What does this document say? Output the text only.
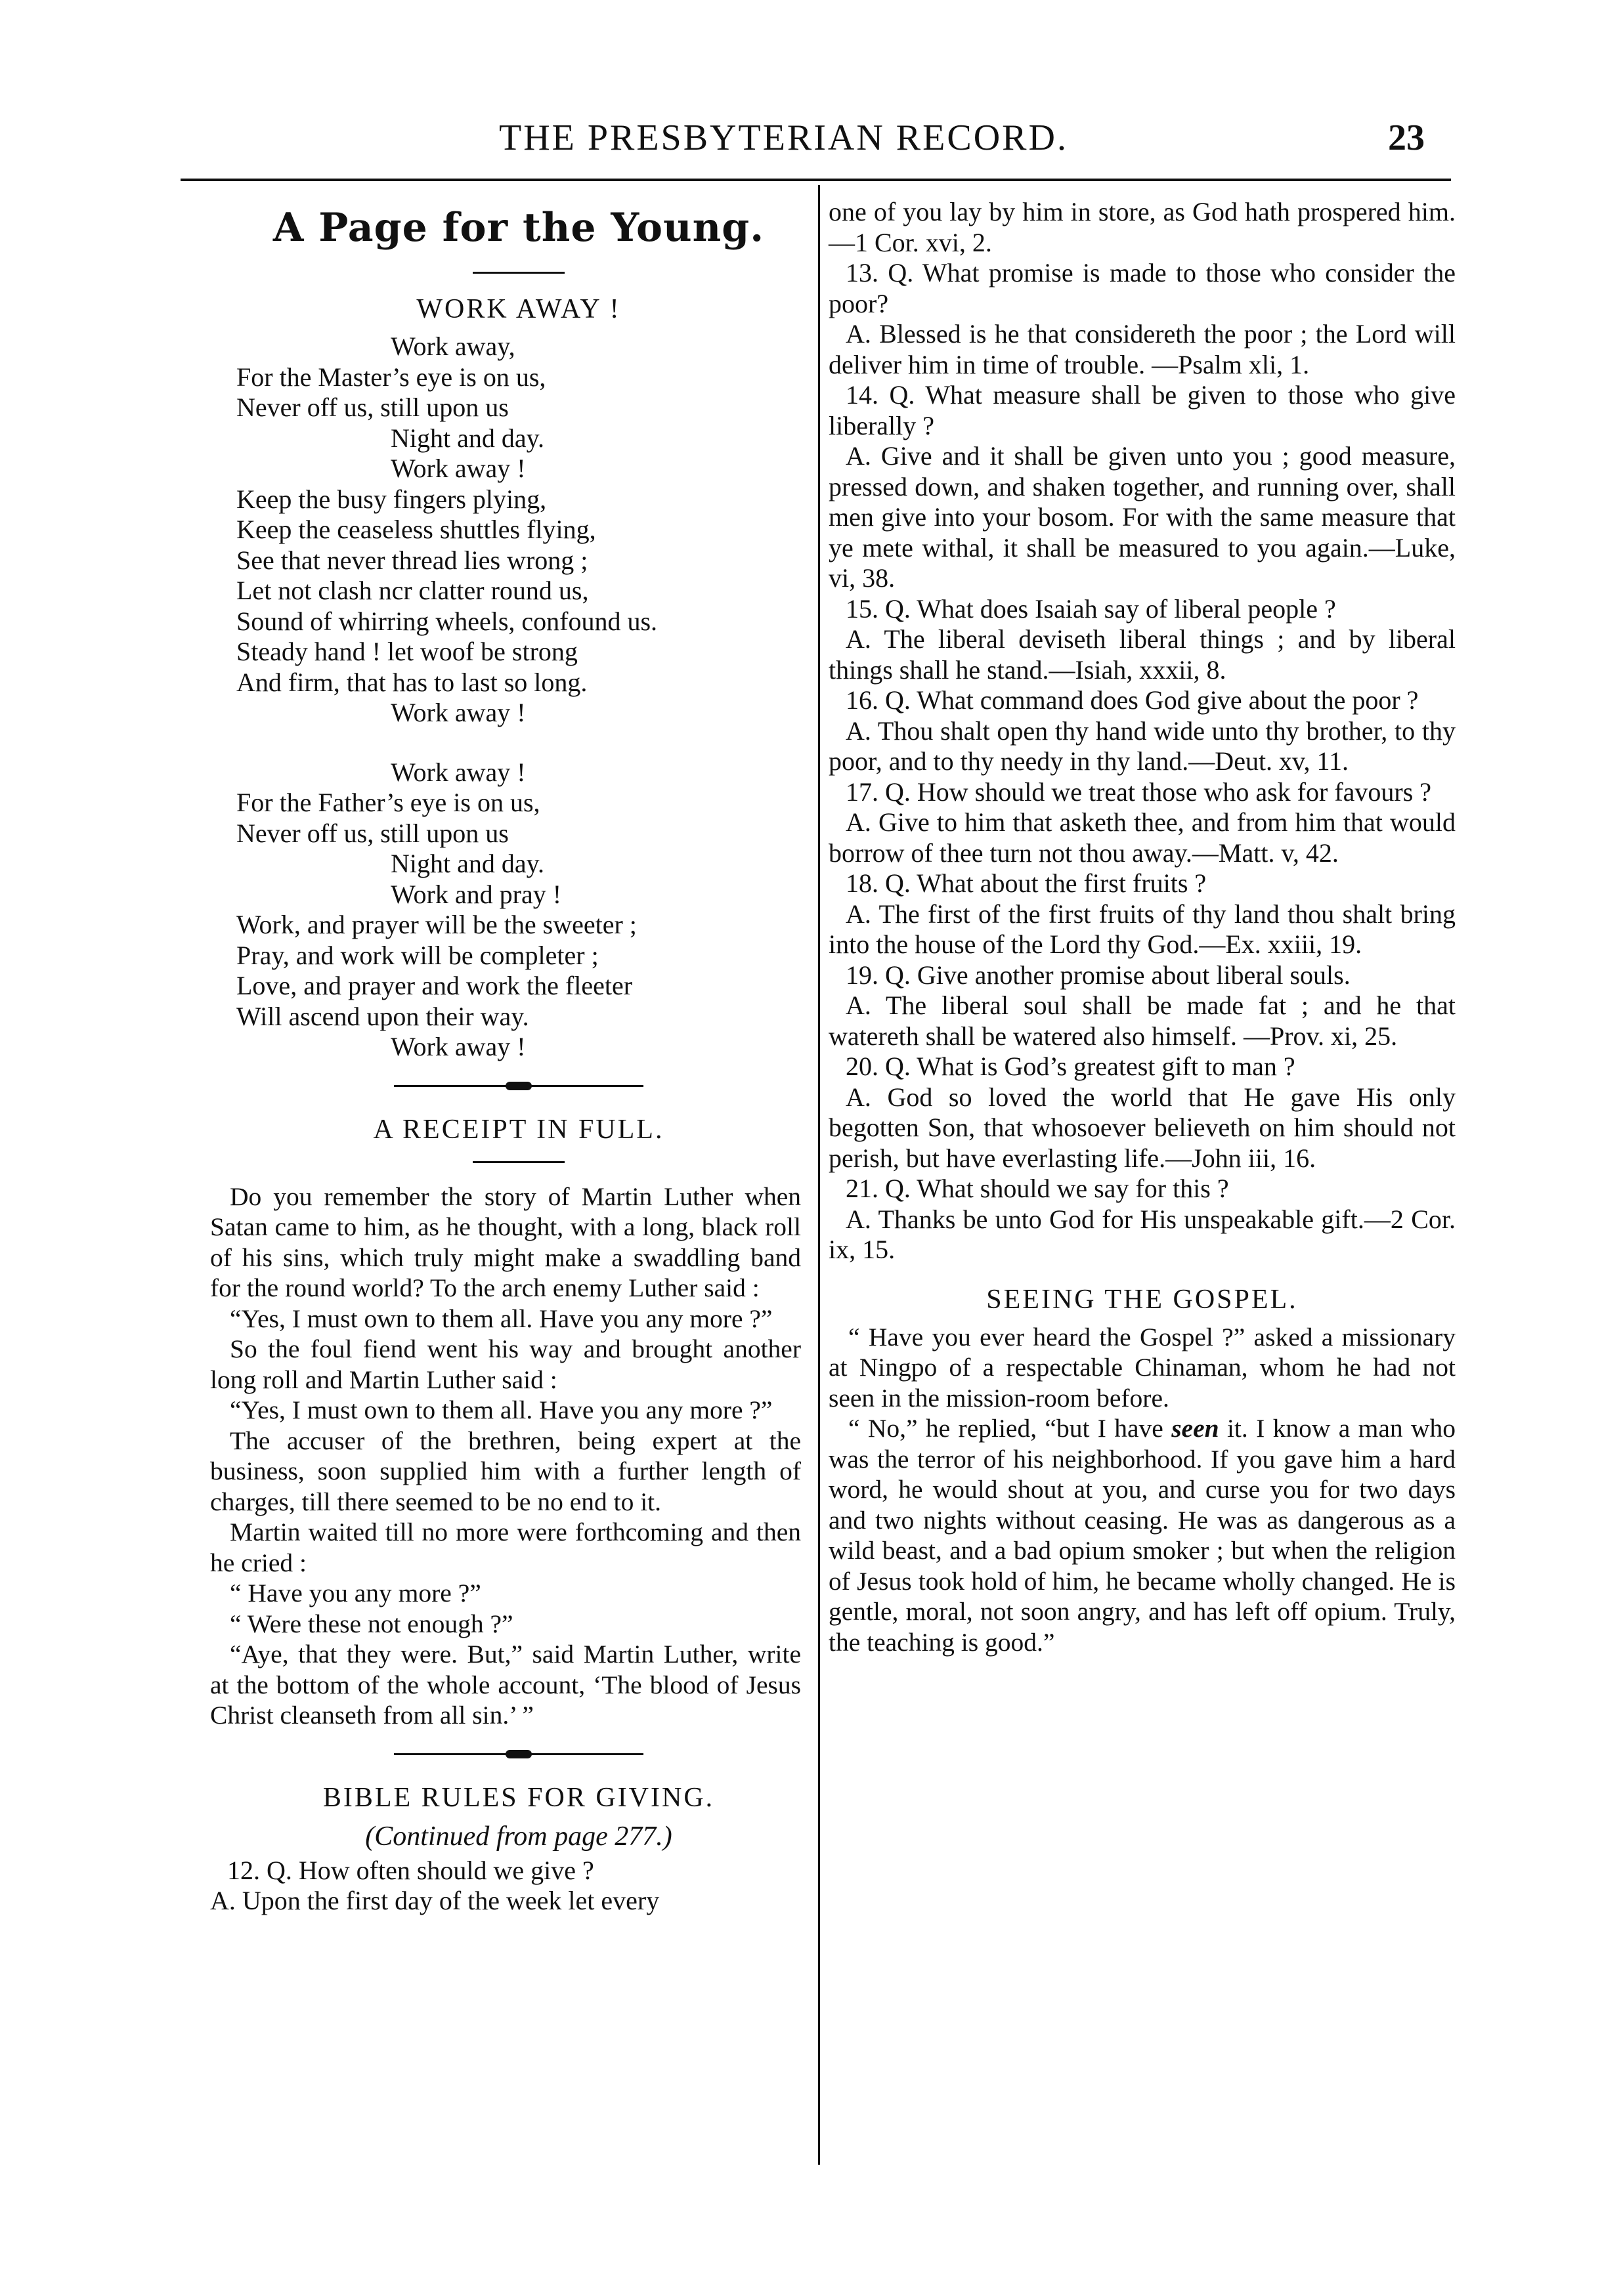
THE PRESBYTERIAN RECORD.	23
A Page for the Young.
WORK AWAY !
Work away,
For the Master’s eye is on us,
Never off us, still upon us
Night and day.
Work away !
Keep the busy fingers plying,
Keep the ceaseless shuttles flying,
See that never thread lies wrong ;
Let not clash ncr clatter round us,
Sound of whirring wheels, confound us.
Steady hand ! let woof be strong
And firm, that has to last so long.
Work away !
Work away !
For the Father’s eye is on us,
Never off us, still upon us
Night and day.
Work and pray !
Work, and prayer will be the sweeter ;
Pray, and work will be completer ;
Love, and prayer and work the fleeter
Will ascend upon their way.
Work away !
A RECEIPT IN FULL.

Do you remember the story of Martin Luther when Satan came to him, as he thought, with a long, black roll of his sins, which truly might make a swaddling band for the round world? To the arch enemy Luther said :

“Yes, I must own to them all. Have you any more ?”

So the foul fiend went his way and brought another long roll and Martin Luther said :

“Yes, I must own to them all. Have you any more ?”

The accuser of the brethren, being expert at the business, soon supplied him with a further length of charges, till there seemed to be no end to it.

Martin waited till no more were forthcoming and then he cried :

“ Have you any more ?”

“ Were these not enough ?”

“Aye, that they were. But,” said Martin Luther, write at the bottom of the whole account, ‘The blood of Jesus Christ cleanseth from all sin.’ ”

BIBLE RULES FOR GIVING.
(Continued from page 277.)

12. Q. How often should we give ?

A. Upon the first day of the week let every

one of you lay by him in store, as God hath prospered him.—1 Cor. xvi, 2.

13. Q. What promise is made to those who consider the poor?

A. Blessed is he that considereth the poor ; the Lord will deliver him in time of trouble. —Psalm xli, 1.

14. Q. What measure shall be given to those who give liberally ?

A. Give and it shall be given unto you ; good measure, pressed down, and shaken together, and running over, shall men give into your bosom. For with the same measure that ye mete withal, it shall be measured to you again.—Luke, vi, 38.

15. Q. What does Isaiah say of liberal people ?

A. The liberal deviseth liberal things ; and by liberal things shall he stand.—Isiah, xxxii, 8.

16. Q. What command does God give about the poor ?

A. Thou shalt open thy hand wide unto thy brother, to thy poor, and to thy needy in thy land.—Deut. xv, 11.

17. Q. How should we treat those who ask for favours ?

A. Give to him that asketh thee, and from him that would borrow of thee turn not thou away.—Matt. v, 42.

18. Q. What about the first fruits ?

A. The first of the first fruits of thy land thou shalt bring into the house of the Lord thy God.—Ex. xxiii, 19.

19. Q. Give another promise about liberal souls.

A. The liberal soul shall be made fat ; and he that watereth shall be watered also himself. —Prov. xi, 25.

20. Q. What is God’s greatest gift to man ?

A. God so loved the world that He gave His only begotten Son, that whosoever believeth on him should not perish, but have everlasting life.—John iii, 16.

21. Q. What should we say for this ?

A. Thanks be unto God for His unspeakable gift.—2 Cor. ix, 15.

SEEING THE GOSPEL.

“ Have you ever heard the Gospel ?” asked a missionary at Ningpo of a respectable Chinaman, whom he had not seen in the mission-room before.

“ No,” he replied, “but I have seen it. I know a man who was the terror of his neighborhood. If you gave him a hard word, he would shout at you, and curse you for two days and two nights without ceasing. He was as dangerous as a wild beast, and a bad opium smoker ; but when the religion of Jesus took hold of him, he became wholly changed. He is gentle, moral, not soon angry, and has left off opium. Truly, the teaching is good.”
